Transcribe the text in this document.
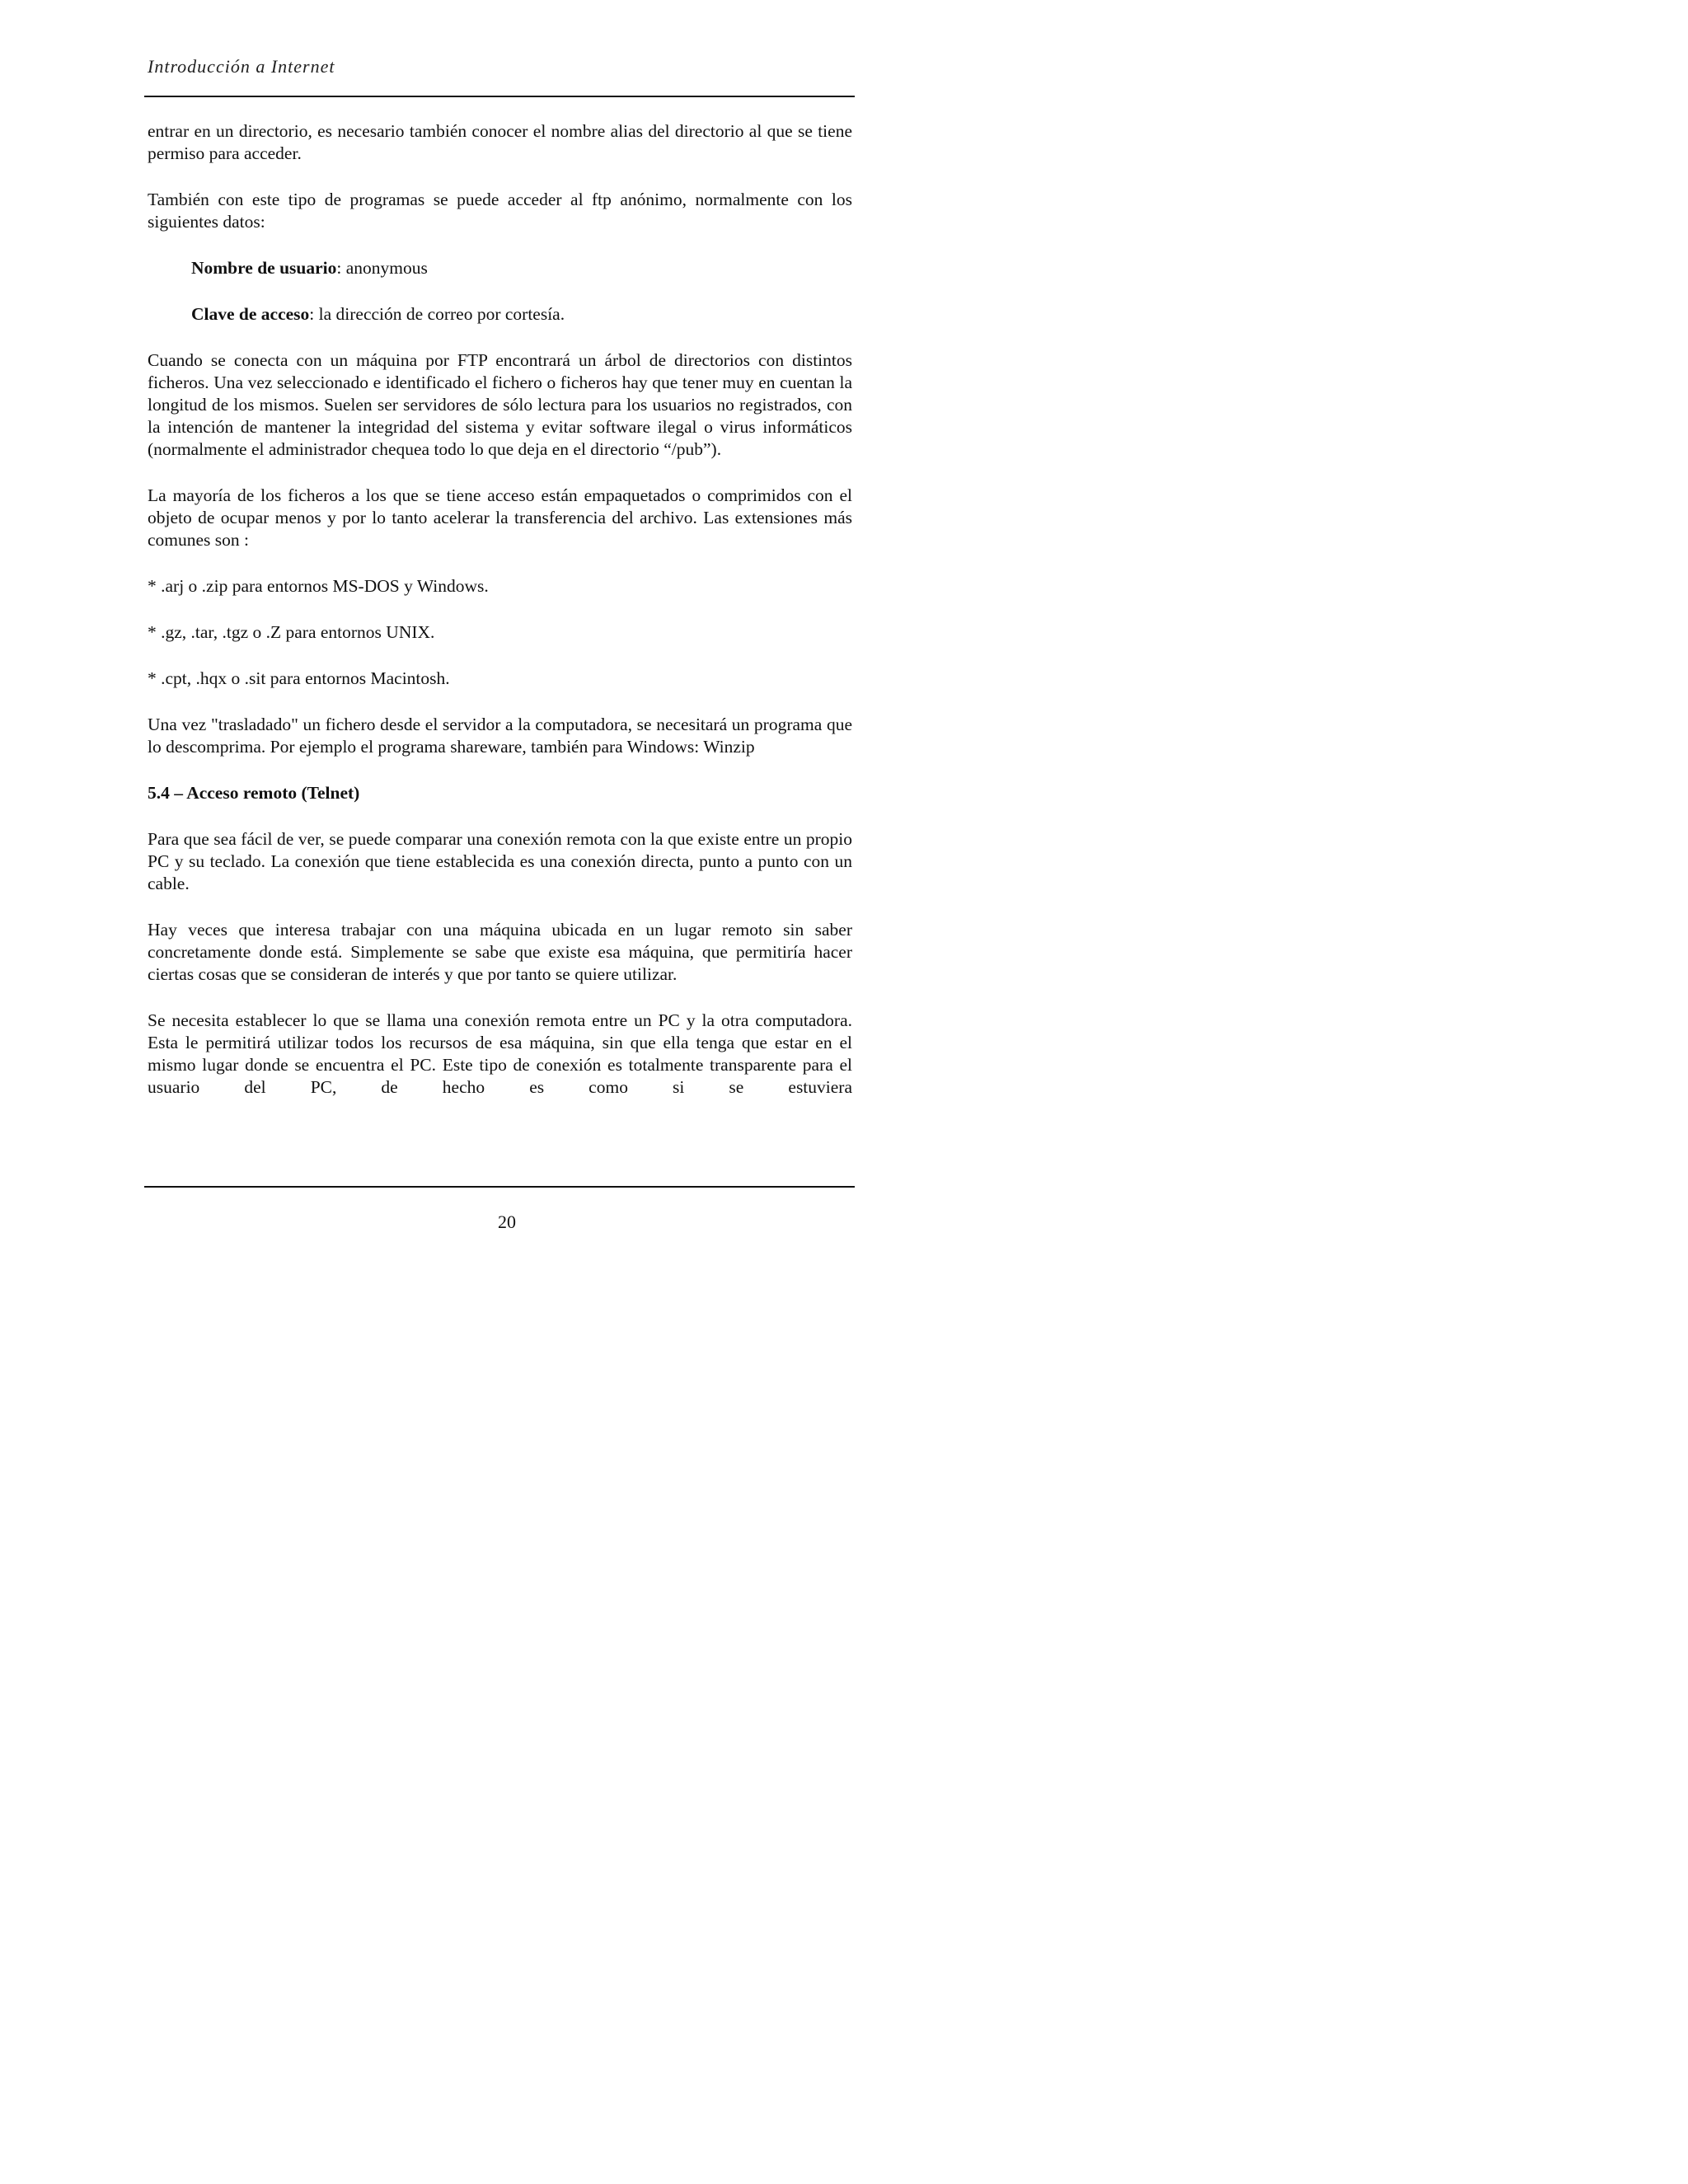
Introducción a Internet

entrar en un directorio, es necesario también conocer el nombre alias del directorio al que se tiene permiso para acceder.

También con este tipo de programas se puede acceder al ftp anónimo, normalmente con los siguientes datos:

Nombre de usuario: anonymous

Clave de acceso: la dirección de correo por cortesía.

Cuando se conecta con un máquina por FTP encontrará un árbol de directorios con distintos ficheros. Una vez seleccionado e identificado el fichero o ficheros hay que tener muy en cuentan la longitud de los mismos. Suelen ser servidores de sólo lectura para los usuarios no registrados, con la intención de mantener la integridad del sistema y evitar software ilegal o virus informáticos (normalmente el administrador chequea todo lo que deja en el directorio “/pub”).

La mayoría de los ficheros a los que se tiene acceso están empaquetados o comprimidos con el objeto de ocupar menos y por lo tanto acelerar la transferencia del archivo. Las extensiones más comunes son :

* .arj o .zip para entornos MS-DOS y Windows.

* .gz, .tar, .tgz o .Z para entornos UNIX.

* .cpt, .hqx o .sit para entornos Macintosh.

Una vez "trasladado" un fichero desde el servidor a la computadora, se necesitará un programa que lo descomprima. Por ejemplo el programa shareware, también para Windows: Winzip

5.4 – Acceso remoto (Telnet)

Para que sea fácil de ver, se puede comparar una conexión remota con la que existe entre un propio PC y su teclado. La conexión que tiene establecida es una conexión directa, punto a punto con un cable.

Hay veces que interesa trabajar con una máquina ubicada en un lugar remoto sin saber concretamente donde está. Simplemente se sabe que existe esa máquina, que permitiría hacer ciertas cosas que se consideran de interés y que por tanto se quiere utilizar.

Se necesita establecer lo que se llama una conexión remota entre un PC y la otra computadora. Esta le permitirá utilizar todos los recursos de esa máquina, sin que ella tenga que estar en el mismo lugar donde se encuentra el PC. Este tipo de conexión es totalmente transparente para el usuario del PC, de hecho es como si se estuviera

20
